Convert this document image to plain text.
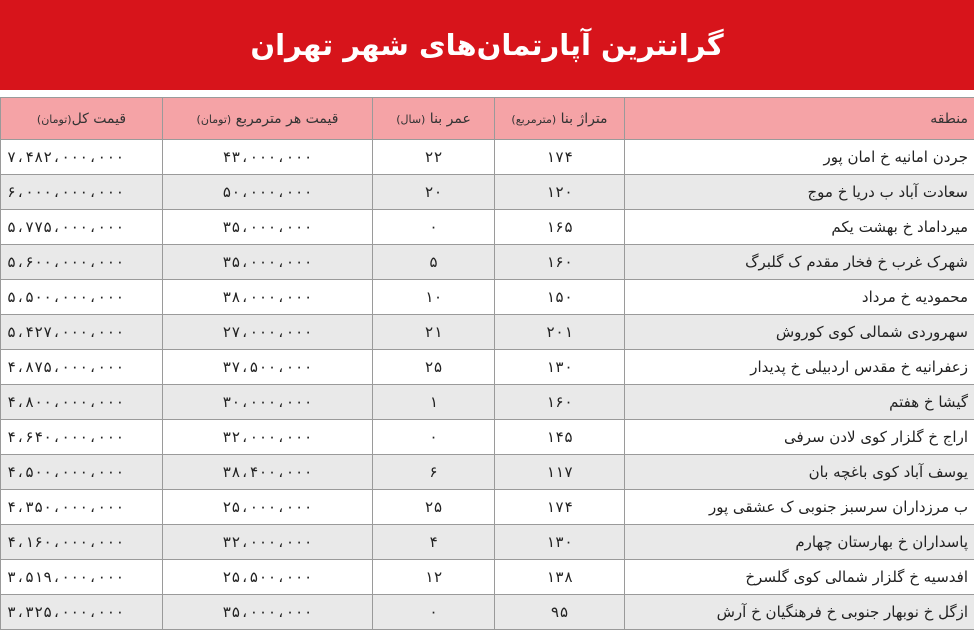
گرانترین آپارتمان‌های شهر تهران
منطقه	متراژ بنا (مترمربع)	عمر بنا (سال)	قیمت هر مترمربع (تومان)	قیمت کل(تومان)
جردن امانیه خ امان پور	۱۷۴	۲۲	۴۳،۰۰۰،۰۰۰	۷،۴۸۲،۰۰۰،۰۰۰
سعادت آباد ب دریا خ موج	۱۲۰	۲۰	۵۰،۰۰۰،۰۰۰	۶،۰۰۰،۰۰۰،۰۰۰
میرداماد خ بهشت یکم	۱۶۵	۰	۳۵،۰۰۰،۰۰۰	۵،۷۷۵،۰۰۰،۰۰۰
شهرک غرب خ فخار مقدم ک گلبرگ	۱۶۰	۵	۳۵،۰۰۰،۰۰۰	۵،۶۰۰،۰۰۰،۰۰۰
محمودیه خ مرداد	۱۵۰	۱۰	۳۸،۰۰۰،۰۰۰	۵،۵۰۰،۰۰۰،۰۰۰
سهروردی شمالی کوی کوروش	۲۰۱	۲۱	۲۷،۰۰۰،۰۰۰	۵،۴۲۷،۰۰۰،۰۰۰
زعفرانیه خ مقدس اردبیلی خ پدیدار	۱۳۰	۲۵	۳۷،۵۰۰،۰۰۰	۴،۸۷۵،۰۰۰،۰۰۰
گیشا خ هفتم	۱۶۰	۱	۳۰،۰۰۰،۰۰۰	۴،۸۰۰،۰۰۰،۰۰۰
اراج خ گلزار کوی لادن سرفی	۱۴۵	۰	۳۲،۰۰۰،۰۰۰	۴،۶۴۰،۰۰۰،۰۰۰
یوسف آباد کوی باغچه بان	۱۱۷	۶	۳۸،۴۰۰،۰۰۰	۴،۵۰۰،۰۰۰،۰۰۰
ب مرزداران سرسبز جنوبی ک عشقی پور	۱۷۴	۲۵	۲۵،۰۰۰،۰۰۰	۴،۳۵۰،۰۰۰،۰۰۰
پاسداران خ بهارستان چهارم	۱۳۰	۴	۳۲،۰۰۰،۰۰۰	۴،۱۶۰،۰۰۰،۰۰۰
افدسیه خ گلزار شمالی کوی گلسرخ	۱۳۸	۱۲	۲۵،۵۰۰،۰۰۰	۳،۵۱۹،۰۰۰،۰۰۰
ازگل خ نوبهار جنوبی خ فرهنگیان خ آرش	۹۵	۰	۳۵،۰۰۰،۰۰۰	۳،۳۲۵،۰۰۰،۰۰۰
